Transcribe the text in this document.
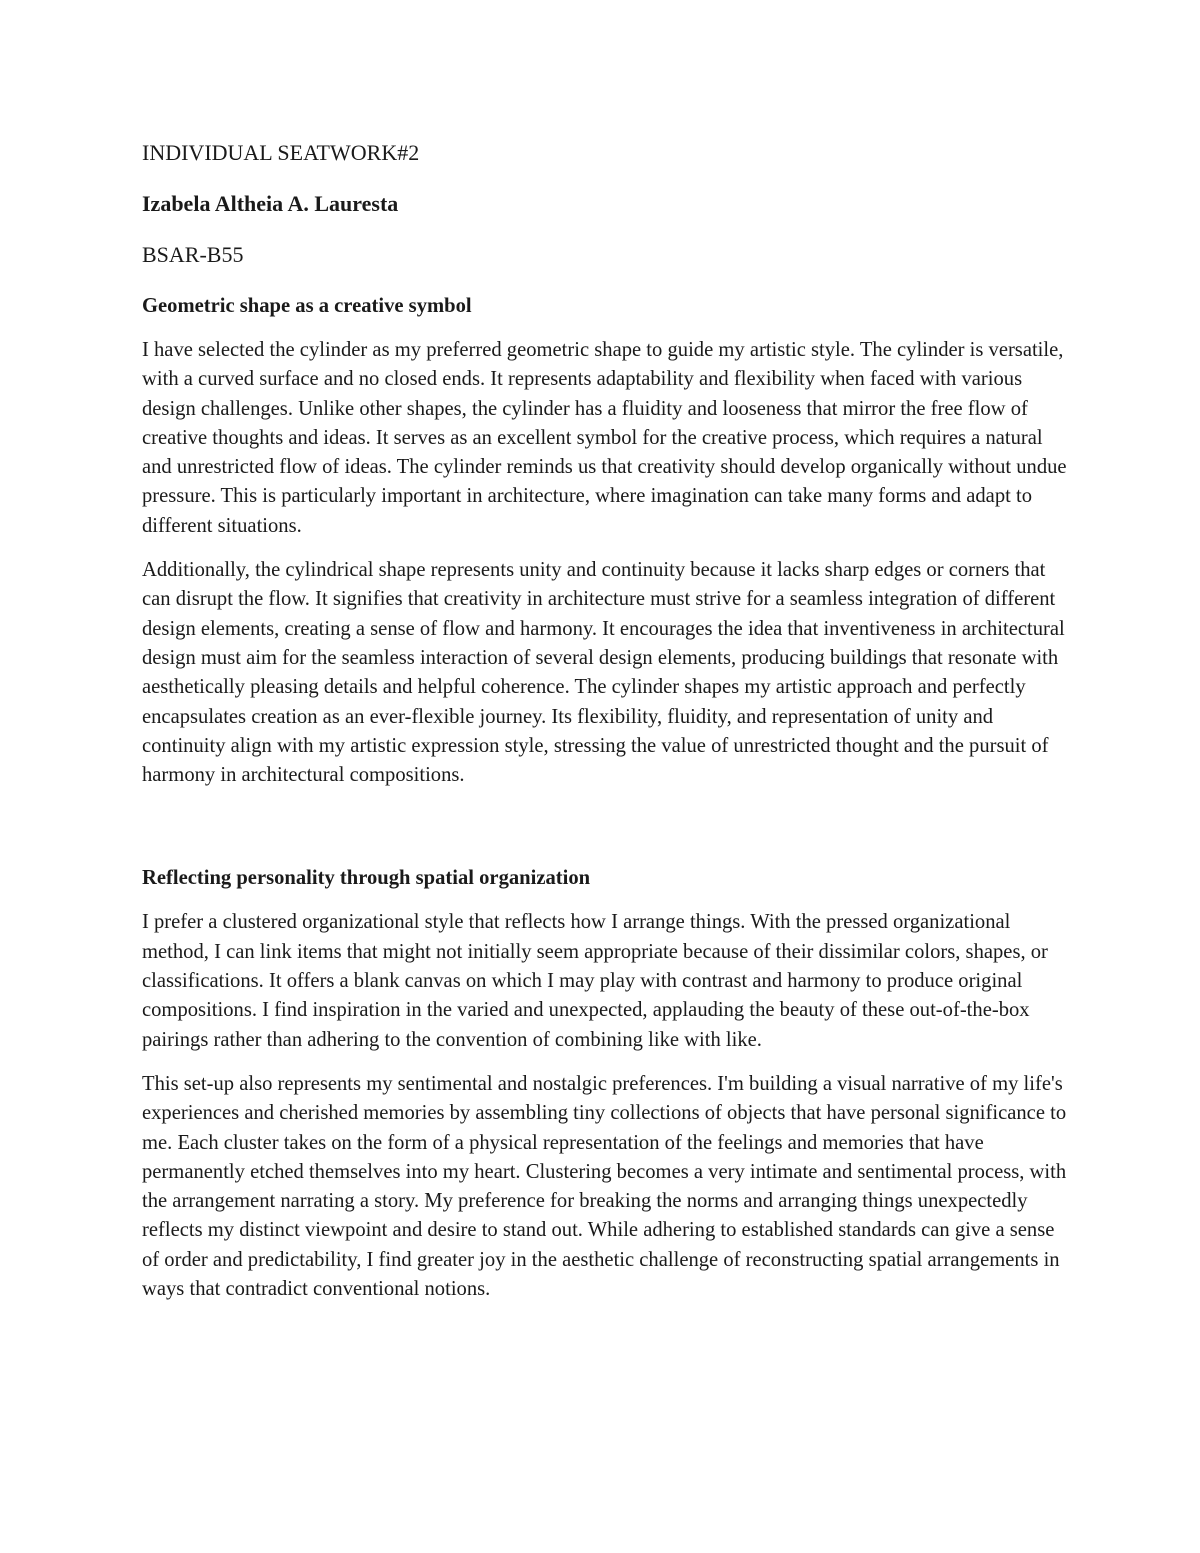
INDIVIDUAL SEATWORK#2
Izabela Altheia A. Lauresta
BSAR-B55
Geometric shape as a creative symbol

I have selected the cylinder as my preferred geometric shape to guide my artistic style. The cylinder is versatile, with a curved surface and no closed ends. It represents adaptability and flexibility when faced with various design challenges. Unlike other shapes, the cylinder has a fluidity and looseness that mirror the free flow of creative thoughts and ideas. It serves as an excellent symbol for the creative process, which requires a natural and unrestricted flow of ideas. The cylinder reminds us that creativity should develop organically without undue pressure. This is particularly important in architecture, where imagination can take many forms and adapt to different situations.

Additionally, the cylindrical shape represents unity and continuity because it lacks sharp edges or corners that can disrupt the flow. It signifies that creativity in architecture must strive for a seamless integration of different design elements, creating a sense of flow and harmony. It encourages the idea that inventiveness in architectural design must aim for the seamless interaction of several design elements, producing buildings that resonate with aesthetically pleasing details and helpful coherence. The cylinder shapes my artistic approach and perfectly encapsulates creation as an ever-flexible journey. Its flexibility, fluidity, and representation of unity and continuity align with my artistic expression style, stressing the value of unrestricted thought and the pursuit of harmony in architectural compositions.

Reflecting personality through spatial organization

I prefer a clustered organizational style that reflects how I arrange things. With the pressed organizational method, I can link items that might not initially seem appropriate because of their dissimilar colors, shapes, or classifications. It offers a blank canvas on which I may play with contrast and harmony to produce original compositions. I find inspiration in the varied and unexpected, applauding the beauty of these out-of-the-box pairings rather than adhering to the convention of combining like with like.

This set-up also represents my sentimental and nostalgic preferences. I'm building a visual narrative of my life's experiences and cherished memories by assembling tiny collections of objects that have personal significance to me. Each cluster takes on the form of a physical representation of the feelings and memories that have permanently etched themselves into my heart. Clustering becomes a very intimate and sentimental process, with the arrangement narrating a story. My preference for breaking the norms and arranging things unexpectedly reflects my distinct viewpoint and desire to stand out. While adhering to established standards can give a sense of order and predictability, I find greater joy in the aesthetic challenge of reconstructing spatial arrangements in ways that contradict conventional notions.
